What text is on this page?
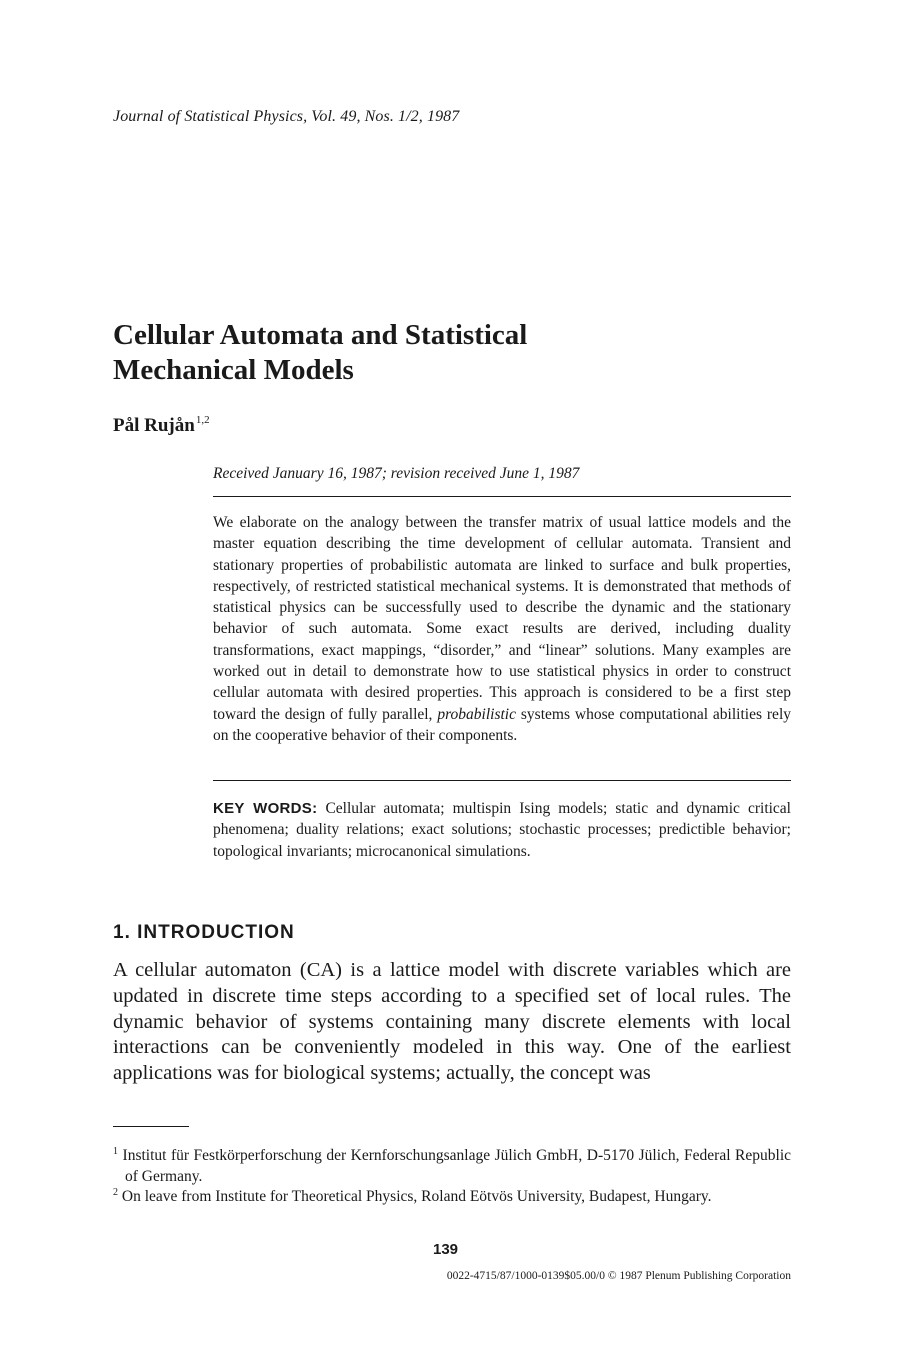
Journal of Statistical Physics, Vol. 49, Nos. 1/2, 1987
Cellular Automata and Statistical
Mechanical Models
Pål Rujån$^{1,2}$
Received January 16, 1987; revision received June 1, 1987
We elaborate on the analogy between the transfer matrix of usual lattice models and the master equation describing the time development of cellular automata. Transient and stationary properties of probabilistic automata are linked to surface and bulk properties, respectively, of restricted statistical mechanical systems. It is demonstrated that methods of statistical physics can be successfully used to describe the dynamic and the stationary behavior of such automata. Some exact results are derived, including duality transformations, exact mappings, “disorder,” and “linear” solutions. Many examples are worked out in detail to demonstrate how to use statistical physics in order to construct cellular automata with desired properties. This approach is considered to be a first step toward the design of fully parallel, probabilistic systems whose computational abilities rely on the cooperative behavior of their components.
KEY WORDS: Cellular automata; multispin Ising models; static and dynamic critical phenomena; duality relations; exact solutions; stochastic processes; predictible behavior; topological invariants; microcanonical simulations.
1. INTRODUCTION
A cellular automaton (CA) is a lattice model with discrete variables which are updated in discrete time steps according to a specified set of local rules. The dynamic behavior of systems containing many discrete elements with local interactions can be conveniently modeled in this way. One of the earliest applications was for biological systems; actually, the concept was
$^1$ Institut für Festkörperforschung der Kernforschungsanlage Jülich GmbH, D-5170 Jülich, Federal Republic of Germany.
$^2$ On leave from Institute for Theoretical Physics, Roland Eötvös University, Budapest, Hungary.
139
0022-4715/87/1000-0139$05.00/0 © 1987 Plenum Publishing Corporation
